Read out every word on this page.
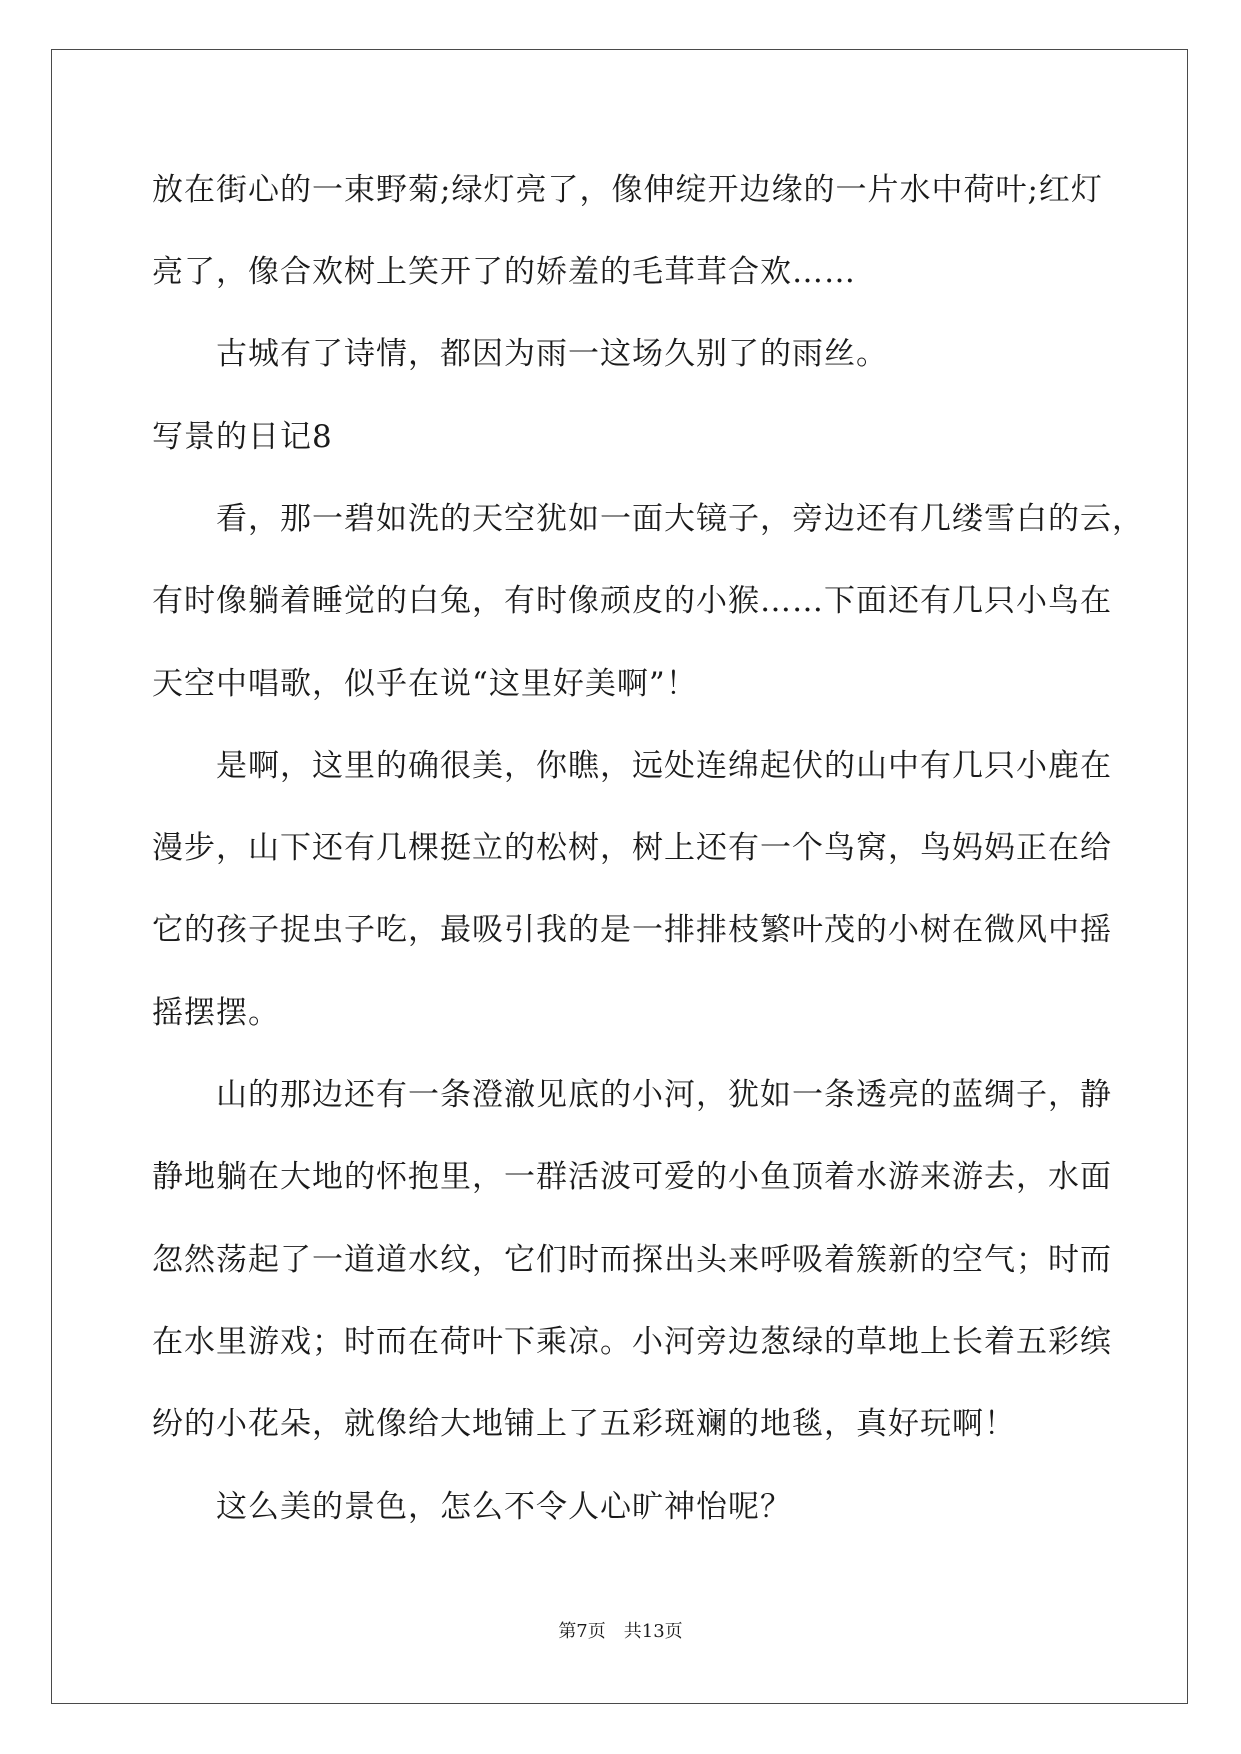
放在街心的一束野菊;绿灯亮了，像伸绽开边缘的一片水中荷叶;红灯

亮了，像合欢树上笑开了的娇羞的毛茸茸合欢……

古城有了诗情，都因为雨一这场久别了的雨丝。

写景的日记8

看，那一碧如洗的天空犹如一面大镜子，旁边还有几缕雪白的云，

有时像躺着睡觉的白兔，有时像顽皮的小猴……下面还有几只小鸟在

天空中唱歌，似乎在说“这里好美啊”！

是啊，这里的确很美，你瞧，远处连绵起伏的山中有几只小鹿在

漫步，山下还有几棵挺立的松树，树上还有一个鸟窝，鸟妈妈正在给

它的孩子捉虫子吃，最吸引我的是一排排枝繁叶茂的小树在微风中摇

摇摆摆。

山的那边还有一条澄澈见底的小河，犹如一条透亮的蓝绸子，静

静地躺在大地的怀抱里，一群活波可爱的小鱼顶着水游来游去，水面

忽然荡起了一道道水纹，它们时而探出头来呼吸着簇新的空气；时而

在水里游戏；时而在荷叶下乘凉。小河旁边葱绿的草地上长着五彩缤

纷的小花朵，就像给大地铺上了五彩斑斓的地毯，真好玩啊！

这么美的景色，怎么不令人心旷神怡呢？

第7页　共13页
